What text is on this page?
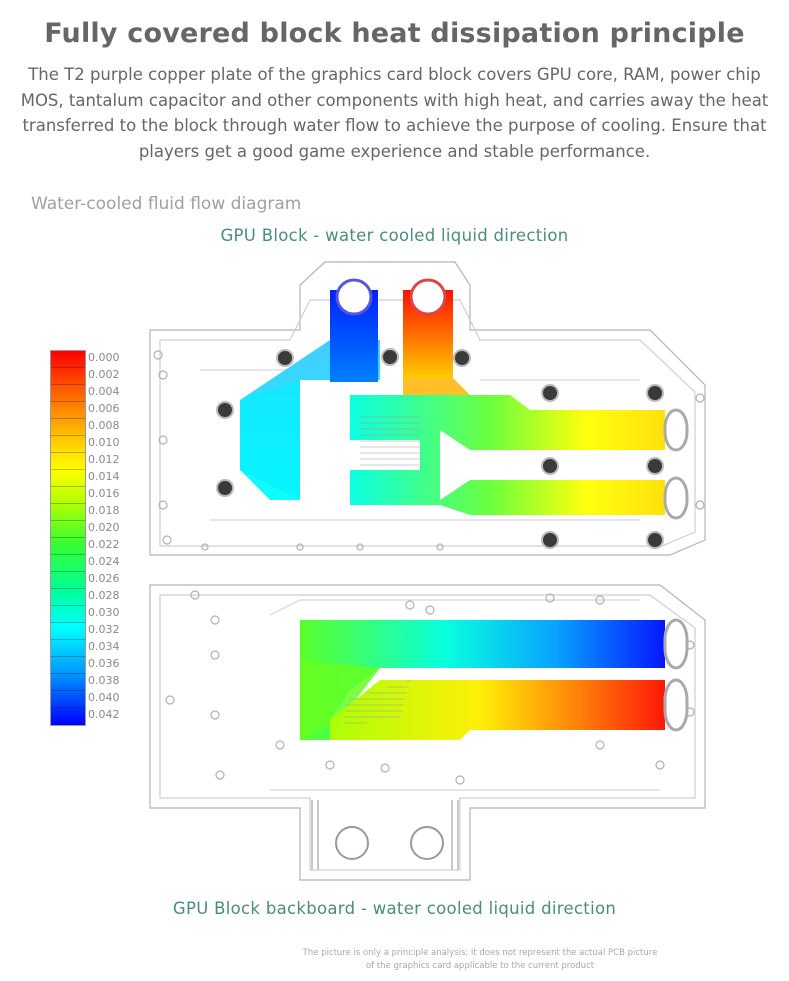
Fully covered block heat dissipation principle
The T2 purple copper plate of the graphics card block covers GPU core, RAM, power chip MOS, tantalum capacitor and other components with high heat, and carries away the heat transferred to the block through water flow to achieve the purpose of cooling. Ensure that players get a good game experience and stable performance.
Water-cooled fluid flow diagram
GPU Block - water cooled liquid direction
0.000
0.002
0.004
0.006
0.008
0.010
0.012
0.014
0.016
0.018
0.020
0.022
0.024
0.026
0.028
0.030
0.032
0.034
0.036
0.038
0.040
0.042
GPU Block backboard - water cooled liquid direction
The picture is only a principle analysis; it does not represent the actual PCB picture
of the graphics card applicable to the current product
